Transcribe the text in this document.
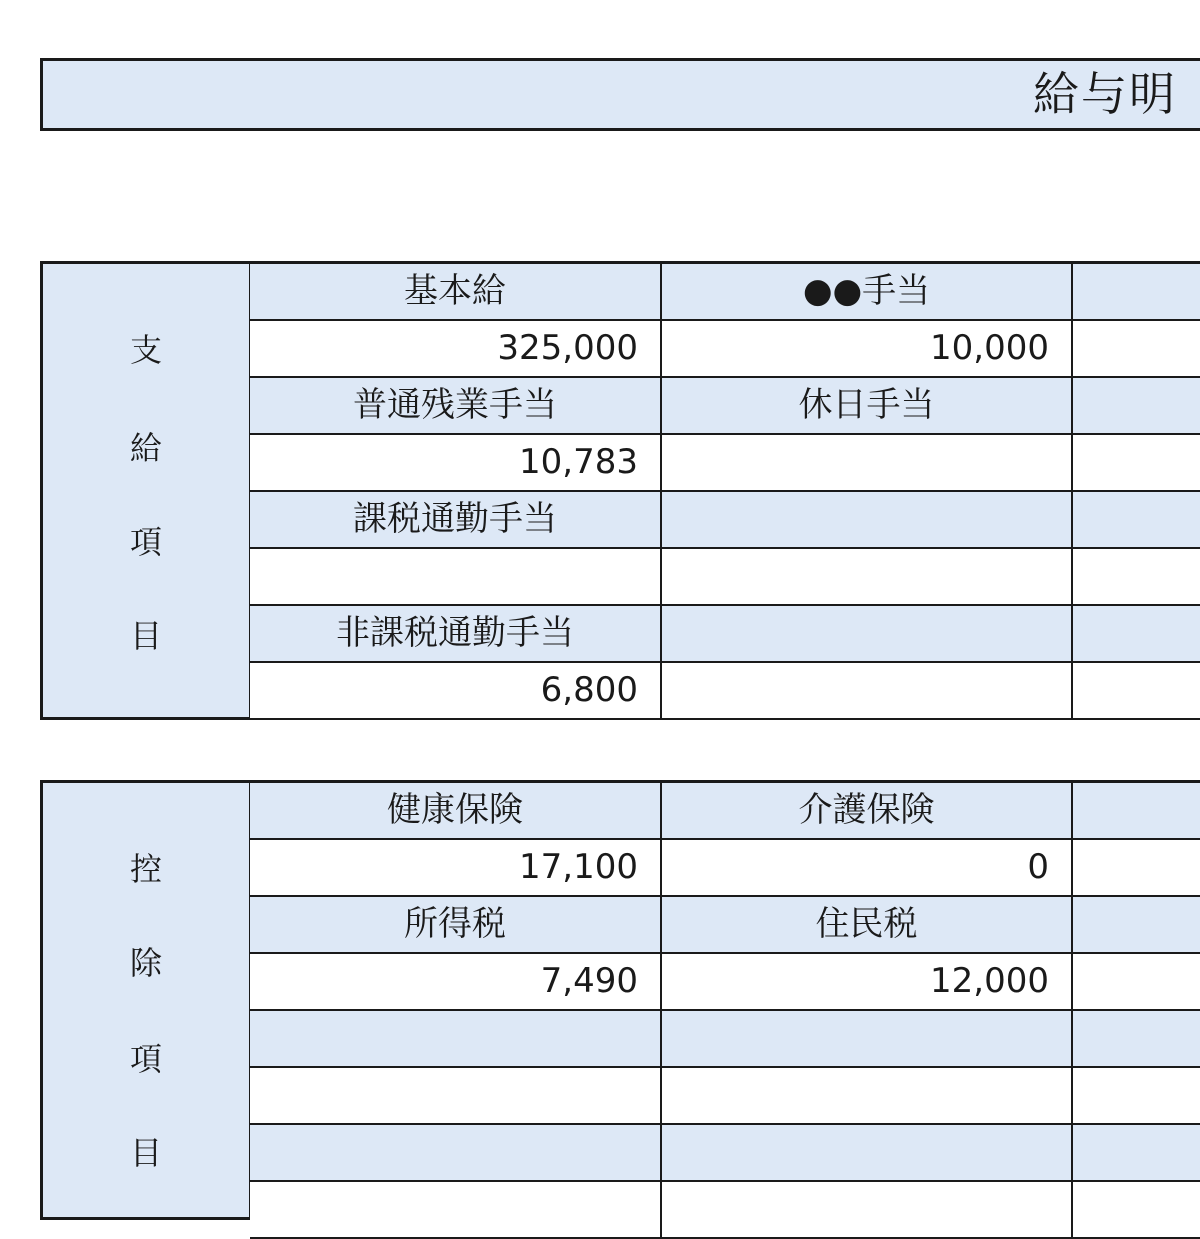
給与明
支
給
項
目
基本給	●●手当
325,000	10,000
普通残業手当	休日手当
10,783
課税通勤手当
非課税通勤手当
6,800
控
除
項
目
健康保険	介護保険
17,100	0
所得税	住民税
7,490	12,000
